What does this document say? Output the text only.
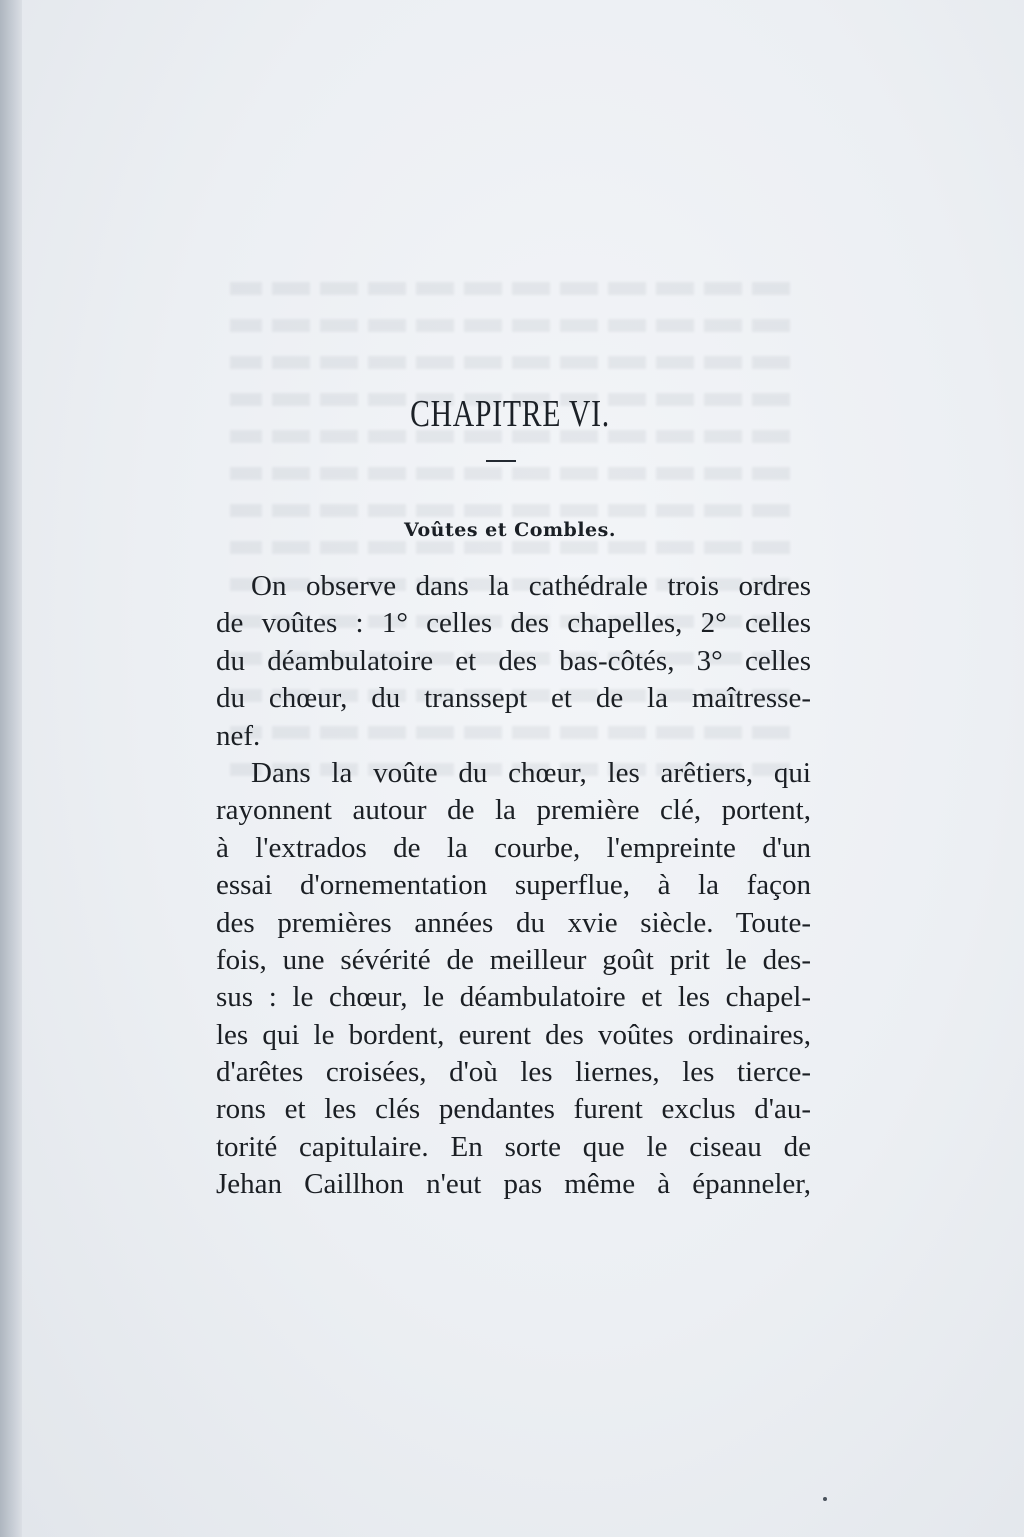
CHAPITRE VI.
Voûtes et Combles.
On observe dans la cathédrale trois ordres
de voûtes : 1° celles des chapelles, 2° celles
du déambulatoire et des bas-côtés, 3° celles
du chœur, du transsept et de la maîtresse-
nef.
Dans la voûte du chœur, les arêtiers, qui
rayonnent autour de la première clé, portent,
à l'extrados de la courbe, l'empreinte d'un
essai d'ornementation superflue, à la façon
des premières années du xvie siècle. Toute-
fois, une sévérité de meilleur goût prit le des-
sus : le chœur, le déambulatoire et les chapel-
les qui le bordent, eurent des voûtes ordinaires,
d'arêtes croisées, d'où les liernes, les tierce-
rons et les clés pendantes furent exclus d'au-
torité capitulaire. En sorte que le ciseau de
Jehan Caillhon n'eut pas même à épanneler,
